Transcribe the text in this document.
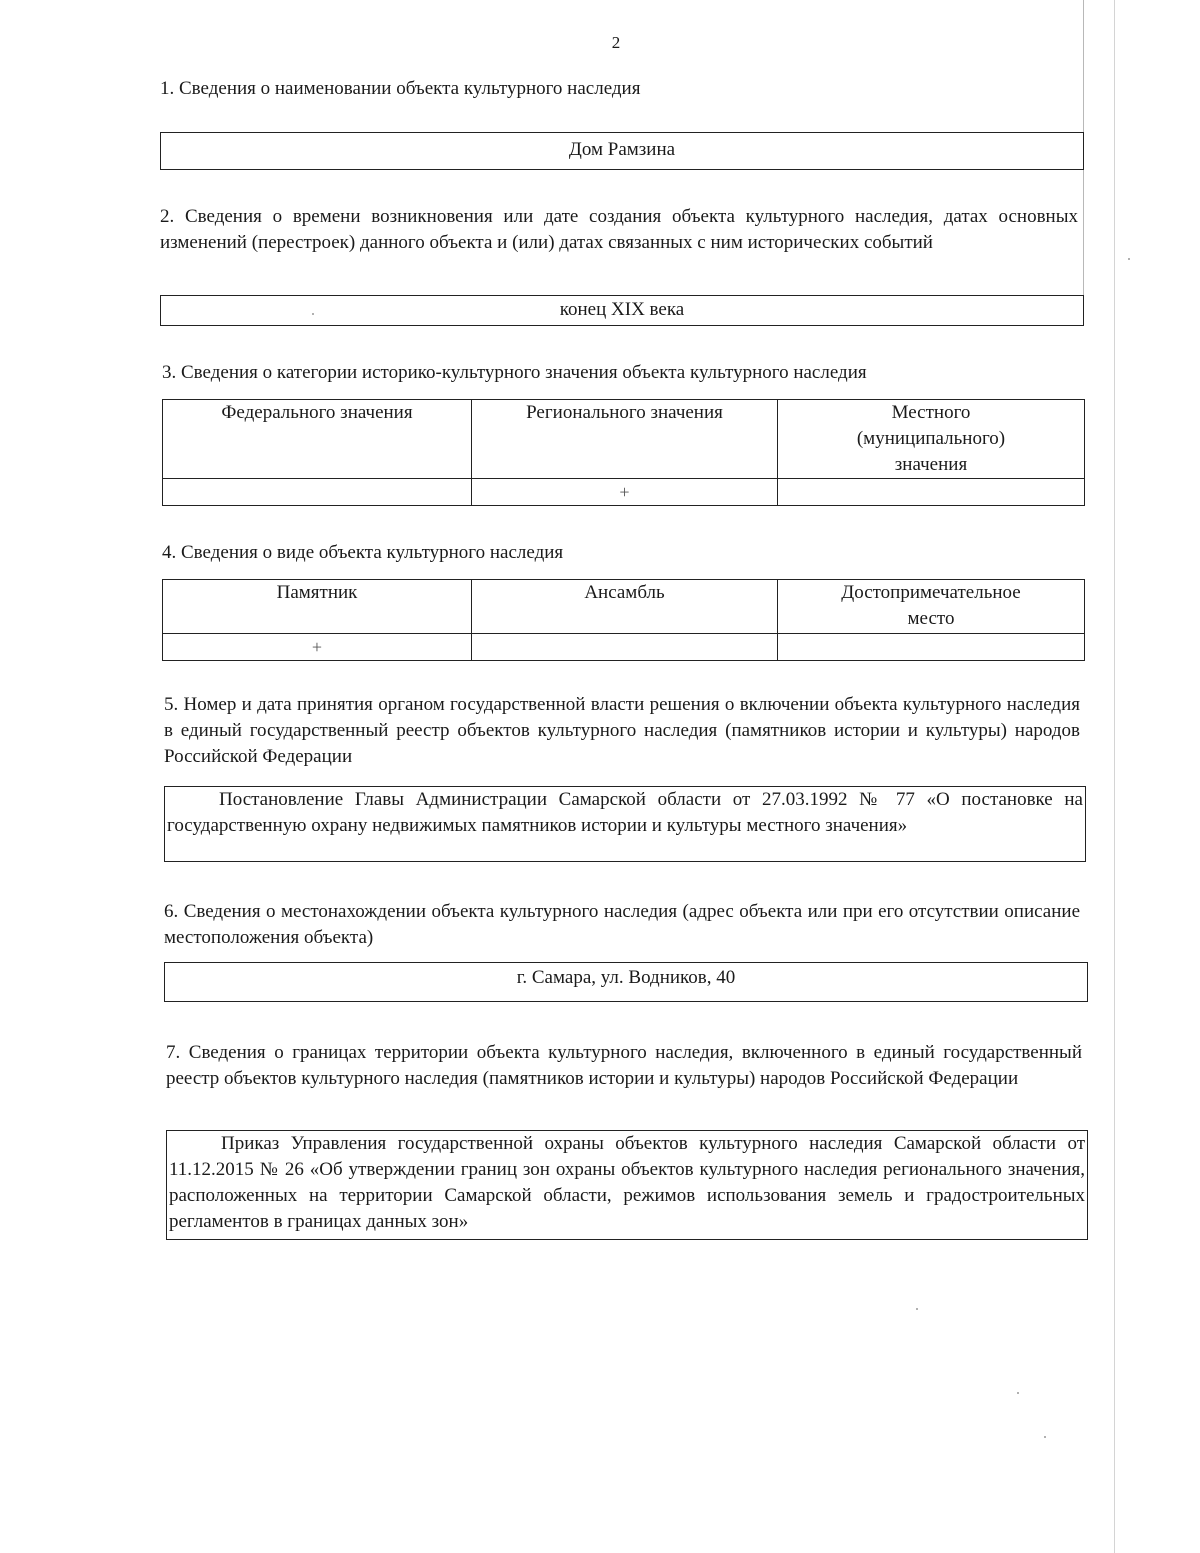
2
1. Сведения о наименовании объекта культурного наследия
Дом Рамзина
2. Сведения о времени возникновения или дате создания объекта культурного наследия, датах основных изменений (перестроек) данного объекта и (или) датах связанных с ним исторических событий
конец XIX века
3. Сведения о категории историко-культурного значения объекта культурного наследия
Федерального значения	Регионального значения	Местного (муниципального) значения
	+	
4. Сведения о виде объекта культурного наследия
Памятник	Ансамбль	Достопримечательное место
+		
5. Номер и дата принятия органом государственной власти решения о включении объекта культурного наследия в единый государственный реестр объектов культурного наследия (памятников истории и культуры) народов Российской Федерации
Постановление Главы Администрации Самарской области от 27.03.1992 № 77 «О постановке на государственную охрану недвижимых памятников истории и культуры местного значения»
6. Сведения о местонахождении объекта культурного наследия (адрес объекта или при его отсутствии описание местоположения объекта)
г. Самара, ул. Водников, 40
7. Сведения о границах территории объекта культурного наследия, включенного в единый государственный реестр объектов культурного наследия (памятников истории и культуры) народов Российской Федерации
Приказ Управления государственной охраны объектов культурного наследия Самарской области от 11.12.2015 № 26 «Об утверждении границ зон охраны объектов культурного наследия регионального значения, расположенных на территории Самарской области, режимов использования земель и градостроительных регламентов в границах данных зон»
